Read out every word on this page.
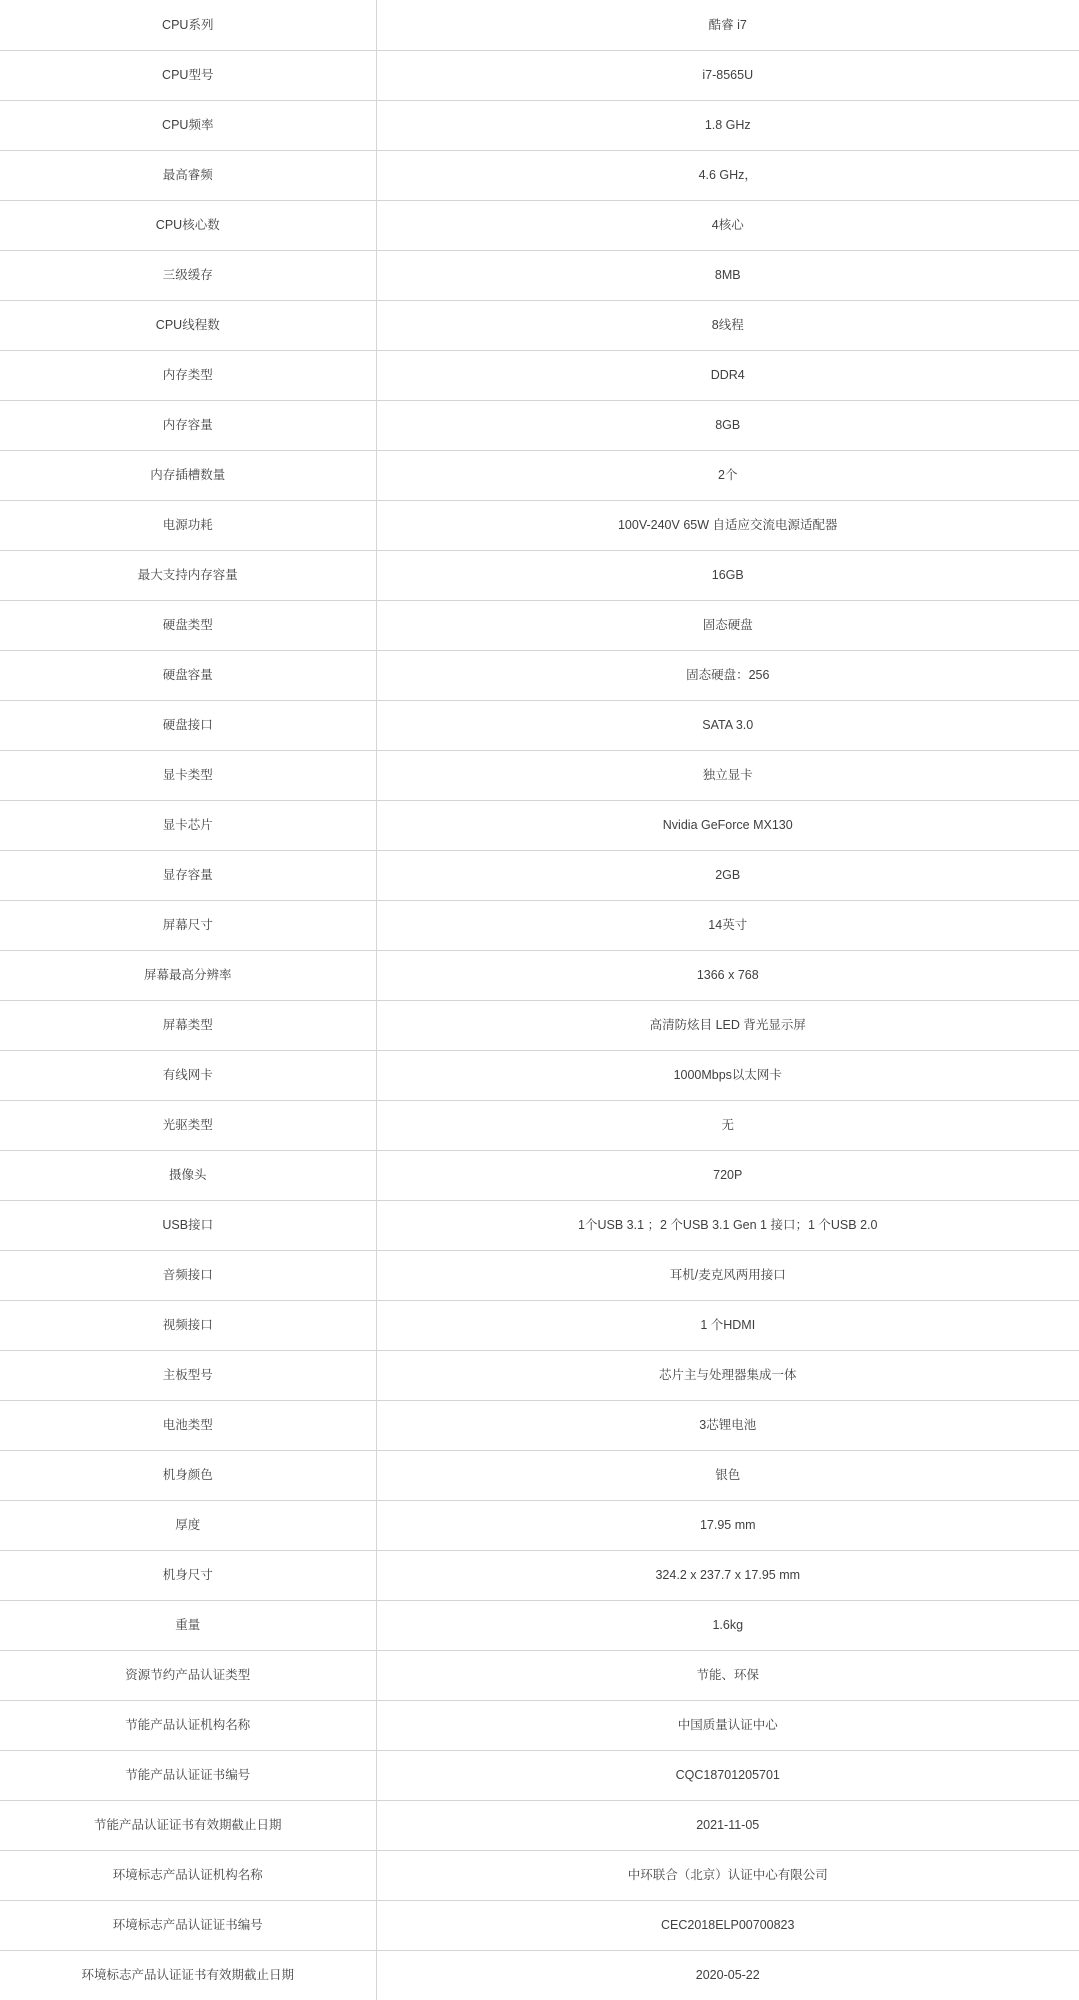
CPU系列	酷睿 i7
CPU型号	i7-8565U
CPU频率	1.8 GHz
最高睿频	4.6 GHz，
CPU核心数	4核心
三级缓存	8MB
CPU线程数	8线程
内存类型	DDR4
内存容量	8GB
内存插槽数量	2个
电源功耗	100V-240V 65W 自适应交流电源适配器
最大支持内存容量	16GB
硬盘类型	固态硬盘
硬盘容量	固态硬盘：256
硬盘接口	SATA 3.0
显卡类型	独立显卡
显卡芯片	Nvidia GeForce MX130
显存容量	2GB
屏幕尺寸	14英寸
屏幕最高分辨率	1366 x 768
屏幕类型	高清防炫目 LED 背光显示屏
有线网卡	1000Mbps以太网卡
光驱类型	无
摄像头	720P
USB接口	1个USB 3.1 ；2 个USB 3.1 Gen 1 接口；1 个USB 2.0
音频接口	耳机/麦克风两用接口
视频接口	1 个HDMI
主板型号	芯片主与处理器集成一体
电池类型	3芯锂电池
机身颜色	银色
厚度	17.95 mm
机身尺寸	324.2 x 237.7 x 17.95 mm
重量	1.6kg
资源节约产品认证类型	节能、环保
节能产品认证机构名称	中国质量认证中心
节能产品认证证书编号	CQC18701205701
节能产品认证证书有效期截止日期	2021-11-05
环境标志产品认证机构名称	中环联合（北京）认证中心有限公司
环境标志产品认证证书编号	CEC2018ELP00700823
环境标志产品认证证书有效期截止日期	2020-05-22
